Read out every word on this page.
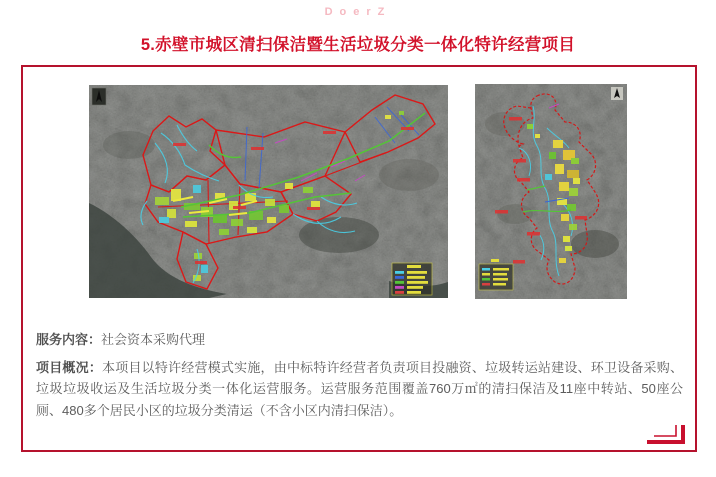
DoerZ
5.赤壁市城区清扫保洁暨生活垃圾分类一体化特许经营项目

服务内容：社会资本采购代理

项目概况：本项目以特许经营模式实施，由中标特许经营者负责项目投融资、垃圾转运站建设、环卫设备采购、垃圾垃圾收运及生活垃圾分类一体化运营服务。运营服务范围覆盖760万㎡的清扫保洁及11座中转站、50座公厕、480多个居民小区的垃圾分类清运（不含小区内清扫保洁）。
